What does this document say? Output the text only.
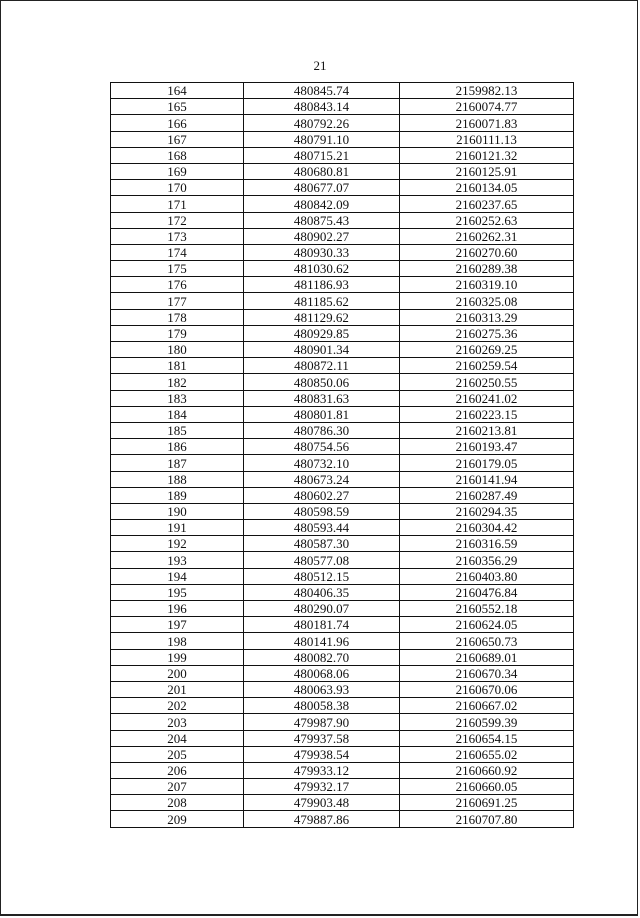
21
164	480845.74	2159982.13
165	480843.14	2160074.77
166	480792.26	2160071.83
167	480791.10	2160111.13
168	480715.21	2160121.32
169	480680.81	2160125.91
170	480677.07	2160134.05
171	480842.09	2160237.65
172	480875.43	2160252.63
173	480902.27	2160262.31
174	480930.33	2160270.60
175	481030.62	2160289.38
176	481186.93	2160319.10
177	481185.62	2160325.08
178	481129.62	2160313.29
179	480929.85	2160275.36
180	480901.34	2160269.25
181	480872.11	2160259.54
182	480850.06	2160250.55
183	480831.63	2160241.02
184	480801.81	2160223.15
185	480786.30	2160213.81
186	480754.56	2160193.47
187	480732.10	2160179.05
188	480673.24	2160141.94
189	480602.27	2160287.49
190	480598.59	2160294.35
191	480593.44	2160304.42
192	480587.30	2160316.59
193	480577.08	2160356.29
194	480512.15	2160403.80
195	480406.35	2160476.84
196	480290.07	2160552.18
197	480181.74	2160624.05
198	480141.96	2160650.73
199	480082.70	2160689.01
200	480068.06	2160670.34
201	480063.93	2160670.06
202	480058.38	2160667.02
203	479987.90	2160599.39
204	479937.58	2160654.15
205	479938.54	2160655.02
206	479933.12	2160660.92
207	479932.17	2160660.05
208	479903.48	2160691.25
209	479887.86	2160707.80
